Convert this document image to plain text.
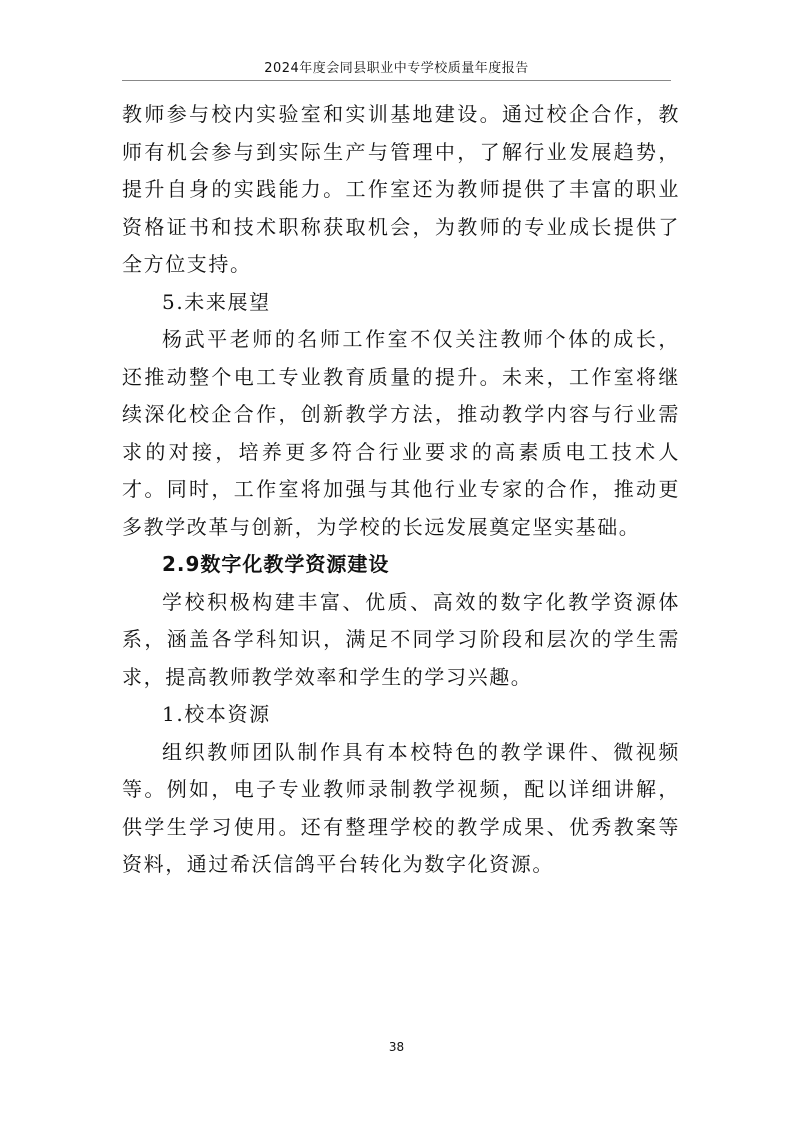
2024年度会同县职业中专学校质量年度报告

教师参与校内实验室和实训基地建设。通过校企合作，教师有机会参与到实际生产与管理中，了解行业发展趋势，提升自身的实践能力。工作室还为教师提供了丰富的职业资格证书和技术职称获取机会，为教师的专业成长提供了全方位支持。

5.未来展望

杨武平老师的名师工作室不仅关注教师个体的成长，还推动整个电工专业教育质量的提升。未来，工作室将继续深化校企合作，创新教学方法，推动教学内容与行业需求的对接，培养更多符合行业要求的高素质电工技术人才。同时，工作室将加强与其他行业专家的合作，推动更多教学改革与创新，为学校的长远发展奠定坚实基础。

2.9数字化教学资源建设

学校积极构建丰富、优质、高效的数字化教学资源体系，涵盖各学科知识，满足不同学习阶段和层次的学生需求，提高教师教学效率和学生的学习兴趣。

1.校本资源

组织教师团队制作具有本校特色的教学课件、微视频等。例如，电子专业教师录制教学视频，配以详细讲解，供学生学习使用。还有整理学校的教学成果、优秀教案等资料，通过希沃信鸽平台转化为数字化资源。

38
